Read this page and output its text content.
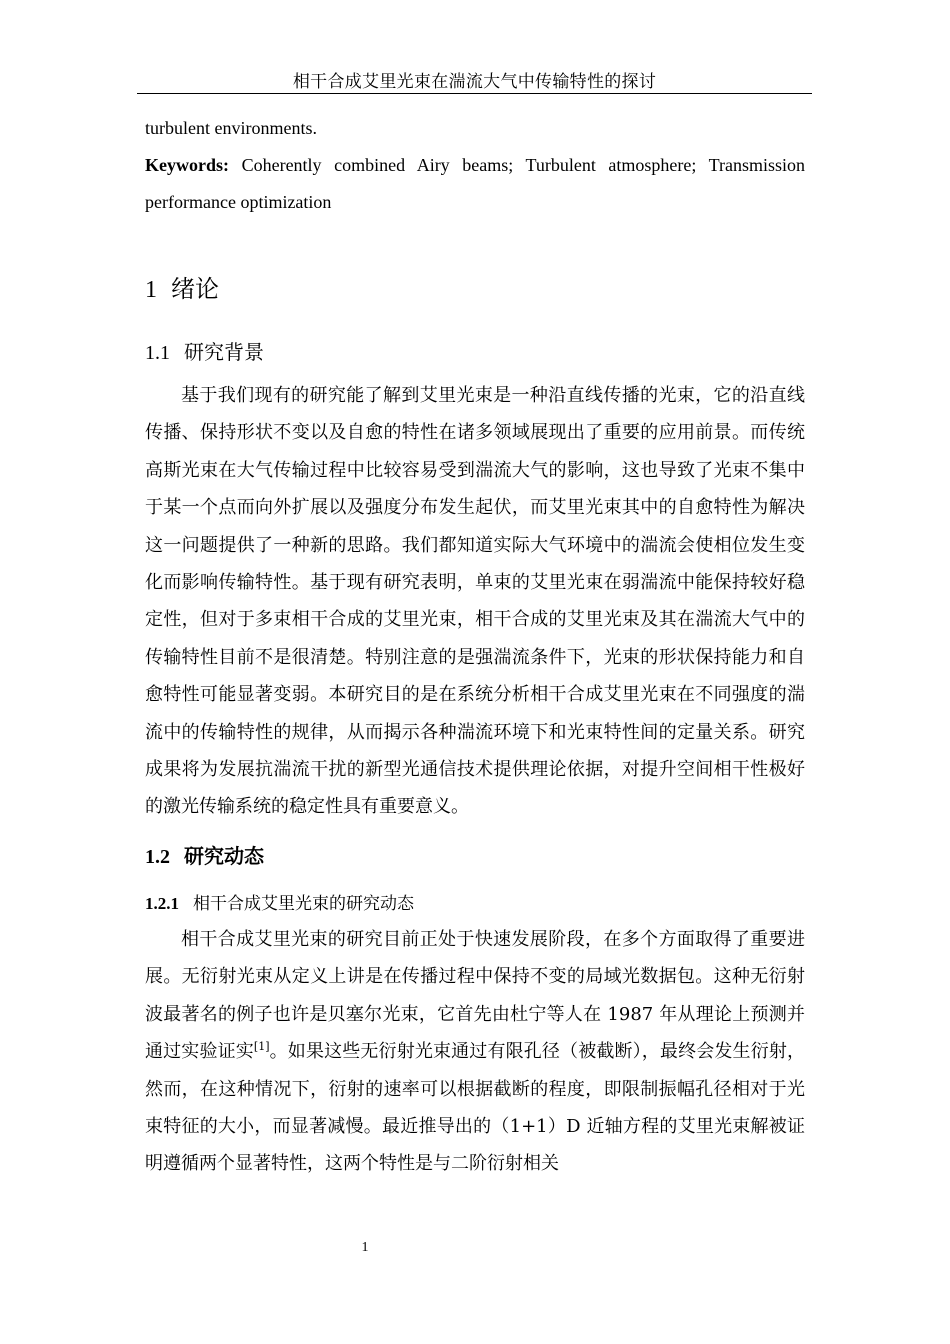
相干合成艾里光束在湍流大气中传输特性的探讨

turbulent environments.

Keywords: Coherently combined Airy beams; Turbulent atmosphere; Transmission performance optimization

1 绪论
1.1 研究背景

基于我们现有的研究能了解到艾里光束是一种沿直线传播的光束，它的沿直线传播、保持形状不变以及自愈的特性在诸多领域展现出了重要的应用前景。而传统高斯光束在大气传输过程中比较容易受到湍流大气的影响，这也导致了光束不集中于某一个点而向外扩展以及强度分布发生起伏，而艾里光束其中的自愈特性为解决这一问题提供了一种新的思路。我们都知道实际大气环境中的湍流会使相位发生变化而影响传输特性。基于现有研究表明，单束的艾里光束在弱湍流中能保持较好稳定性，但对于多束相干合成的艾里光束，相干合成的艾里光束及其在湍流大气中的传输特性目前不是很清楚。特别注意的是强湍流条件下，光束的形状保持能力和自愈特性可能显著变弱。本研究目的是在系统分析相干合成艾里光束在不同强度的湍流中的传输特性的规律，从而揭示各种湍流环境下和光束特性间的定量关系。研究成果将为发展抗湍流干扰的新型光通信技术提供理论依据，对提升空间相干性极好的激光传输系统的稳定性具有重要意义。

1.2 研究动态
1.2.1 相干合成艾里光束的研究动态

相干合成艾里光束的研究目前正处于快速发展阶段，在多个方面取得了重要进展。无衍射光束从定义上讲是在传播过程中保持不变的局域光数据包。这种无衍射波最著名的例子也许是贝塞尔光束，它首先由杜宁等人在 1987 年从理论上预测并通过实验证实[1]。如果这些无衍射光束通过有限孔径（被截断），最终会发生衍射，然而，在这种情况下，衍射的速率可以根据截断的程度，即限制振幅孔径相对于光束特征的大小，而显著减慢。最近推导出的（1+1）D 近轴方程的艾里光束解被证明遵循两个显著特性，这两个特性是与二阶衍射相关

1
